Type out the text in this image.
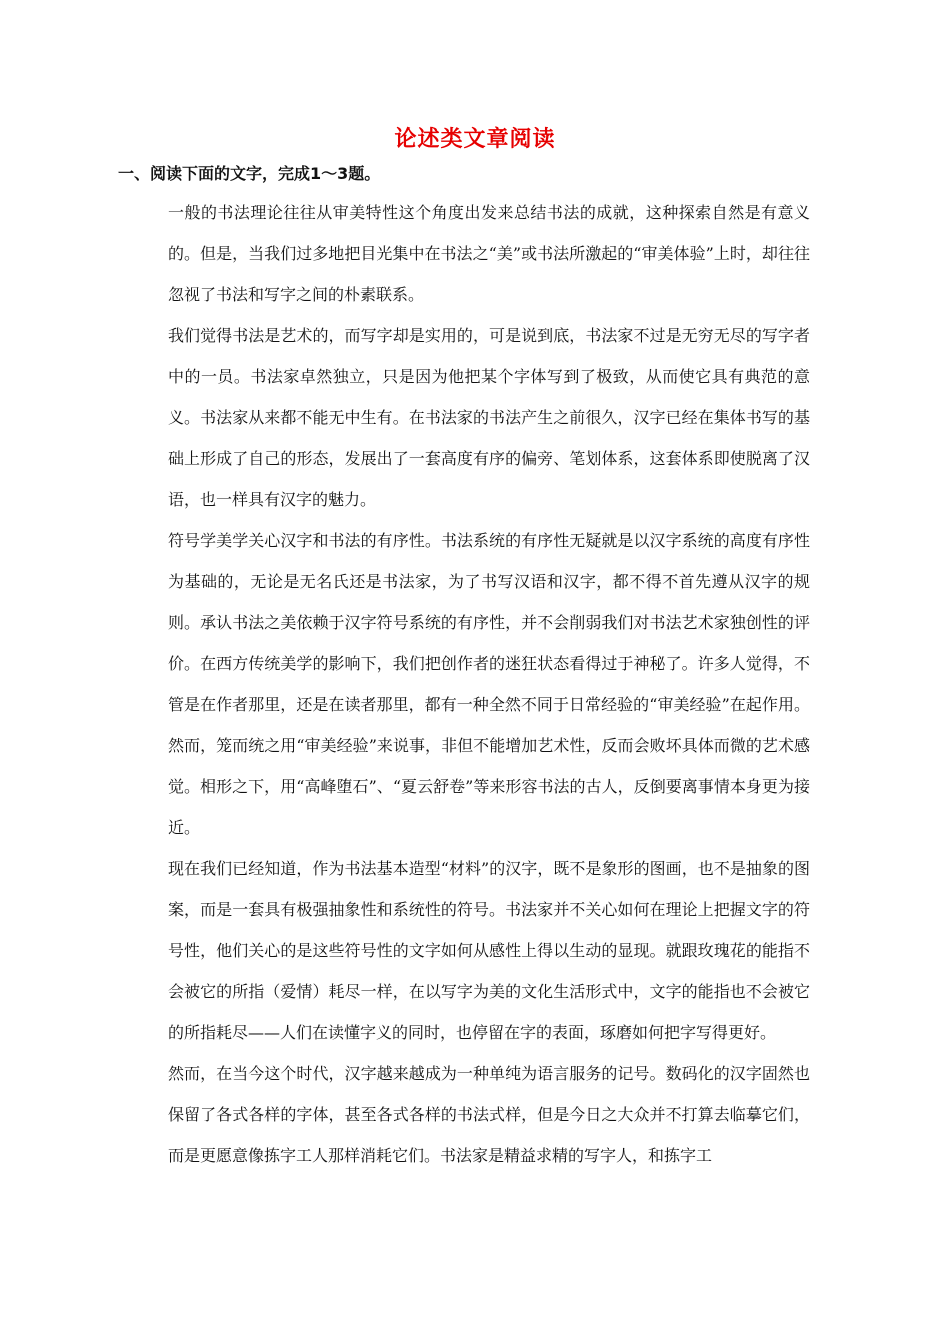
论述类文章阅读
一、阅读下面的文字，完成1～3题。

一般的书法理论往往从审美特性这个角度出发来总结书法的成就，这种探索自然是有意义的。但是，当我们过多地把目光集中在书法之“美”或书法所激起的“审美体验”上时，却往往忽视了书法和写字之间的朴素联系。

我们觉得书法是艺术的，而写字却是实用的，可是说到底，书法家不过是无穷无尽的写字者中的一员。书法家卓然独立，只是因为他把某个字体写到了极致，从而使它具有典范的意义。书法家从来都不能无中生有。在书法家的书法产生之前很久，汉字已经在集体书写的基础上形成了自己的形态，发展出了一套高度有序的偏旁、笔划体系，这套体系即使脱离了汉语，也一样具有汉字的魅力。

符号学美学关心汉字和书法的有序性。书法系统的有序性无疑就是以汉字系统的高度有序性为基础的，无论是无名氏还是书法家，为了书写汉语和汉字，都不得不首先遵从汉字的规则。承认书法之美依赖于汉字符号系统的有序性，并不会削弱我们对书法艺术家独创性的评价。在西方传统美学的影响下，我们把创作者的迷狂状态看得过于神秘了。许多人觉得，不管是在作者那里，还是在读者那里，都有一种全然不同于日常经验的“审美经验”在起作用。然而，笼而统之用“审美经验”来说事，非但不能增加艺术性，反而会败坏具体而微的艺术感觉。相形之下，用“高峰堕石”、“夏云舒卷”等来形容书法的古人，反倒要离事情本身更为接近。

现在我们已经知道，作为书法基本造型“材料”的汉字，既不是象形的图画，也不是抽象的图案，而是一套具有极强抽象性和系统性的符号。书法家并不关心如何在理论上把握文字的符号性，他们关心的是这些符号性的文字如何从感性上得以生动的显现。就跟玫瑰花的能指不会被它的所指（爱情）耗尽一样，在以写字为美的文化生活形式中，文字的能指也不会被它的所指耗尽——人们在读懂字义的同时，也停留在字的表面，琢磨如何把字写得更好。

然而，在当今这个时代，汉字越来越成为一种单纯为语言服务的记号。数码化的汉字固然也保留了各式各样的字体，甚至各式各样的书法式样，但是今日之大众并不打算去临摹它们，而是更愿意像拣字工人那样消耗它们。书法家是精益求精的写字人，和拣字工
